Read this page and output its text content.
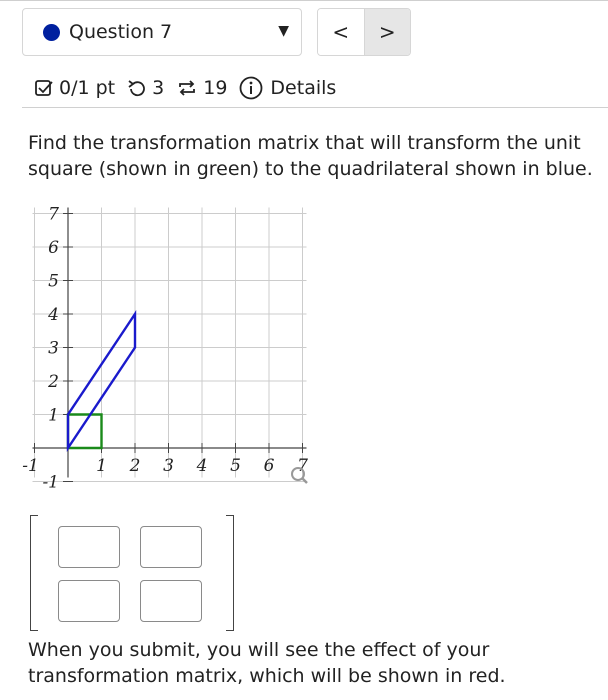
Question 7	▼	<	>
0/1 pt 3 19 Details
Find the transformation matrix that will transform the unit square (shown in green) to the quadrilateral shown in blue.
-1	1 2 3 4 5 6 7
-1
1
2
3
4
5
6
7
When you submit, you will see the effect of your transformation matrix, which will be shown in red.
